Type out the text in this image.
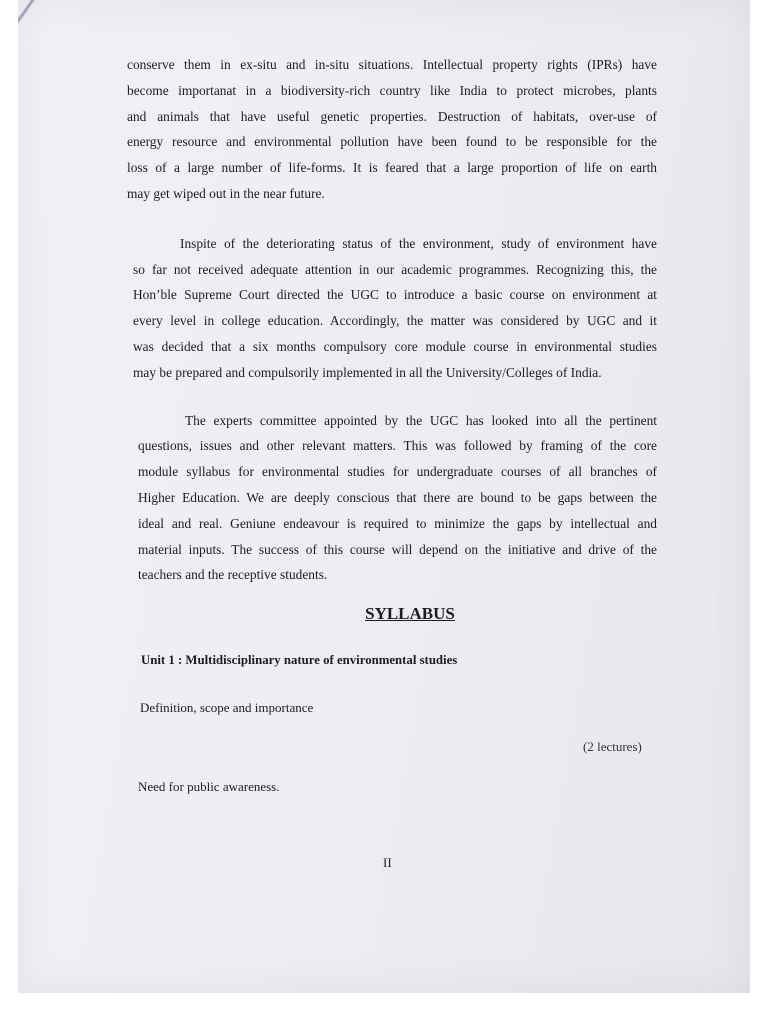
conserve them in ex-situ and in-situ situations. Intellectual property rights (IPRs) have
become importanat in a biodiversity-rich country like India to protect microbes, plants
and animals that have useful genetic properties. Destruction of habitats, over-use of
energy resource and environmental pollution have been found to be responsible for the
loss of a large number of life-forms. It is feared that a large proportion of life on earth
may get wiped out in the near future.

Inspite of the deteriorating status of the environment, study of environment have
so far not received adequate attention in our academic programmes. Recognizing this, the
Hon’ble Supreme Court directed the UGC to introduce a basic course on environment at
every level in college education. Accordingly, the matter was considered by UGC and it
was decided that a six months compulsory core module course in environmental studies
may be prepared and compulsorily implemented in all the University/Colleges of India.

The experts committee appointed by the UGC has looked into all the pertinent
questions, issues and other relevant matters. This was followed by framing of the core
module syllabus for environmental studies for undergraduate courses of all branches of
Higher Education. We are deeply conscious that there are bound to be gaps between the
ideal and real. Geniune endeavour is required to minimize the gaps by intellectual and
material inputs. The success of this course will depend on the initiative and drive of the
teachers and the receptive students.

SYLLABUS
Unit 1 : Multidisciplinary nature of environmental studies
Definition, scope and importance
(2 lectures)
Need for public awareness.
II
